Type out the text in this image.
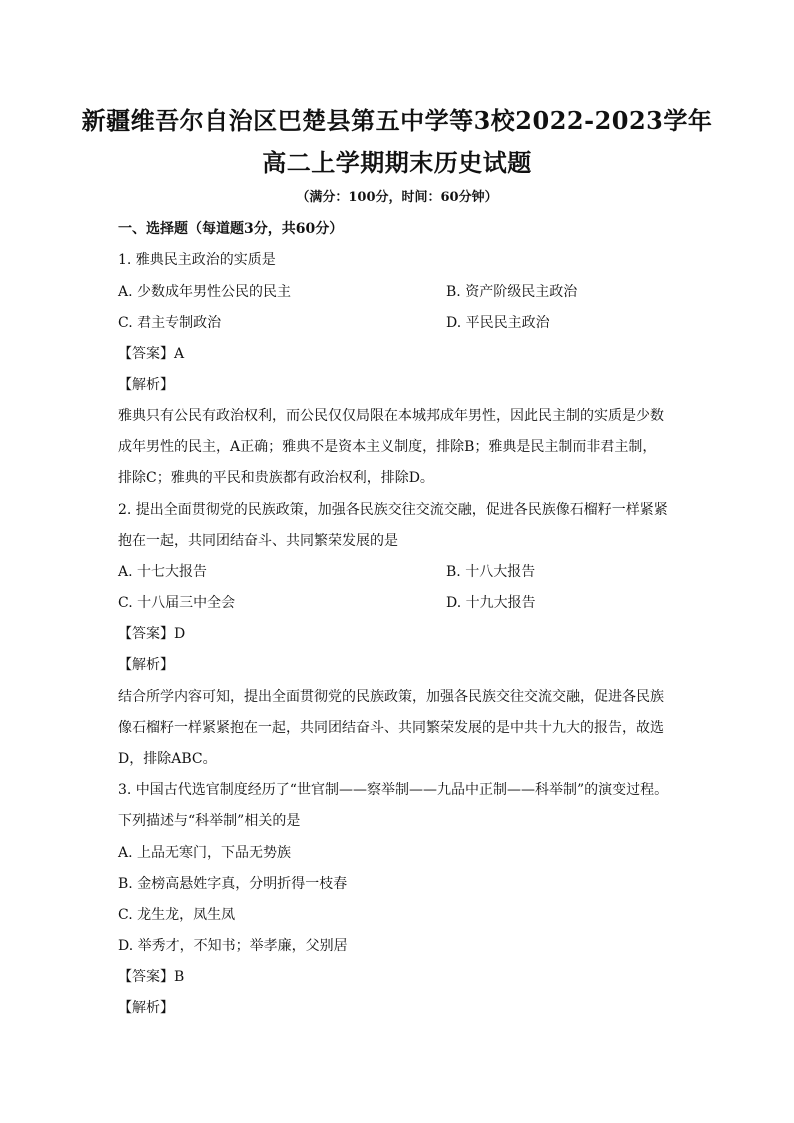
新疆维吾尔自治区巴楚县第五中学等3校2022-2023学年
高二上学期期末历史试题
（满分：100分，时间：60分钟）
一、选择题（每道题3分，共60分）
1. 雅典民主政治的实质是
A. 少数成年男性公民的民主	B. 资产阶级民主政治
C. 君主专制政治	D. 平民民主政治
【答案】A
【解析】
雅典只有公民有政治权利，而公民仅仅局限在本城邦成年男性，因此民主制的实质是少数
成年男性的民主，A正确；雅典不是资本主义制度，排除B；雅典是民主制而非君主制，
排除C；雅典的平民和贵族都有政治权利，排除D。
2. 提出全面贯彻党的民族政策，加强各民族交往交流交融，促进各民族像石榴籽一样紧紧
抱在一起，共同团结奋斗、共同繁荣发展的是
A. 十七大报告	B. 十八大报告
C. 十八届三中全会	D. 十九大报告
【答案】D
【解析】
结合所学内容可知，提出全面贯彻党的民族政策，加强各民族交往交流交融，促进各民族
像石榴籽一样紧紧抱在一起，共同团结奋斗、共同繁荣发展的是中共十九大的报告，故选
D，排除ABC。
3. 中国古代选官制度经历了“世官制——察举制——九品中正制——科举制”的演变过程。
下列描述与“科举制”相关的是
A. 上品无寒门，下品无势族
B. 金榜高悬姓字真，分明折得一枝春
C. 龙生龙，凤生凤
D. 举秀才，不知书；举孝廉，父别居
【答案】B
【解析】
